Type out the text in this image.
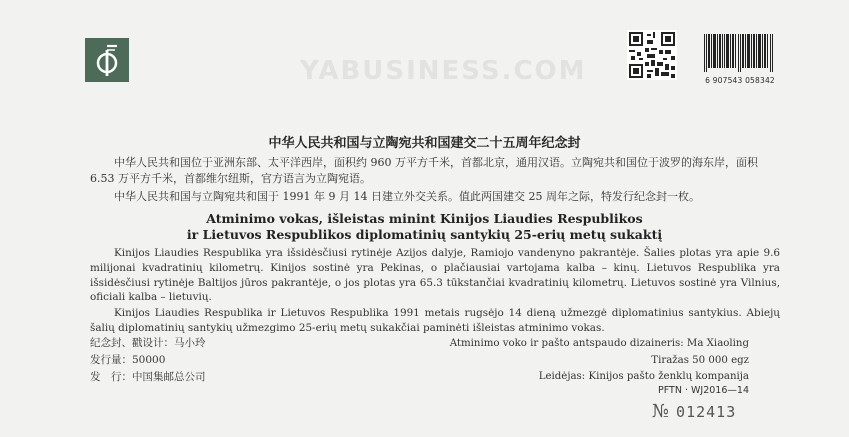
6 907543 058342
YABUSINESS.COM
中华人民共和国与立陶宛共和国建交二十五周年纪念封
中华人民共和国位于亚洲东部、太平洋西岸，面积约 960 万平方千米，首都北京，通用汉语。立陶宛共和国位于波罗的海东岸，面积 6.53 万平方千米，首都维尔纽斯，官方语言为立陶宛语。
中华人民共和国与立陶宛共和国于 1991 年 9 月 14 日建立外交关系。值此两国建交 25 周年之际，特发行纪念封一枚。
Atminimo vokas, išleistas minint Kinijos Liaudies Respublikos
ir Lietuvos Respublikos diplomatinių santykių 25-erių metų sukaktį
Kinijos Liaudies Respublika yra išsidėsčiusi rytinėje Azijos dalyje, Ramiojo vandenyno pakrantėje. Šalies plotas yra apie 9.6 milijonai kvadratinių kilometrų. Kinijos sostinė yra Pekinas, o plačiausiai vartojama kalba – kinų. Lietuvos Respublika yra išsidėsčiusi rytinėje Baltijos jūros pakrantėje, o jos plotas yra 65.3 tūkstančiai kvadratinių kilometrų. Lietuvos sostinė yra Vilnius, oficiali kalba – lietuvių.
Kinijos Liaudies Respublika ir Lietuvos Respublika 1991 metais rugsėjo 14 dieną užmezgė diplomatinius santykius. Abiejų šalių diplomatinių santykių užmezgimo 25-erių metų sukakčiai paminėti išleistas atminimo vokas.
纪念封、戳设计：马小玲
发行量：50000
发　行：中国集邮总公司
Atminimo voko ir pašto antspaudo dizaineris: Ma Xiaoling
Tiražas 50 000 egz
Leidėjas: Kinijos pašto ženklų kompanija
PFTN · WJ2016—14
№ 012413
